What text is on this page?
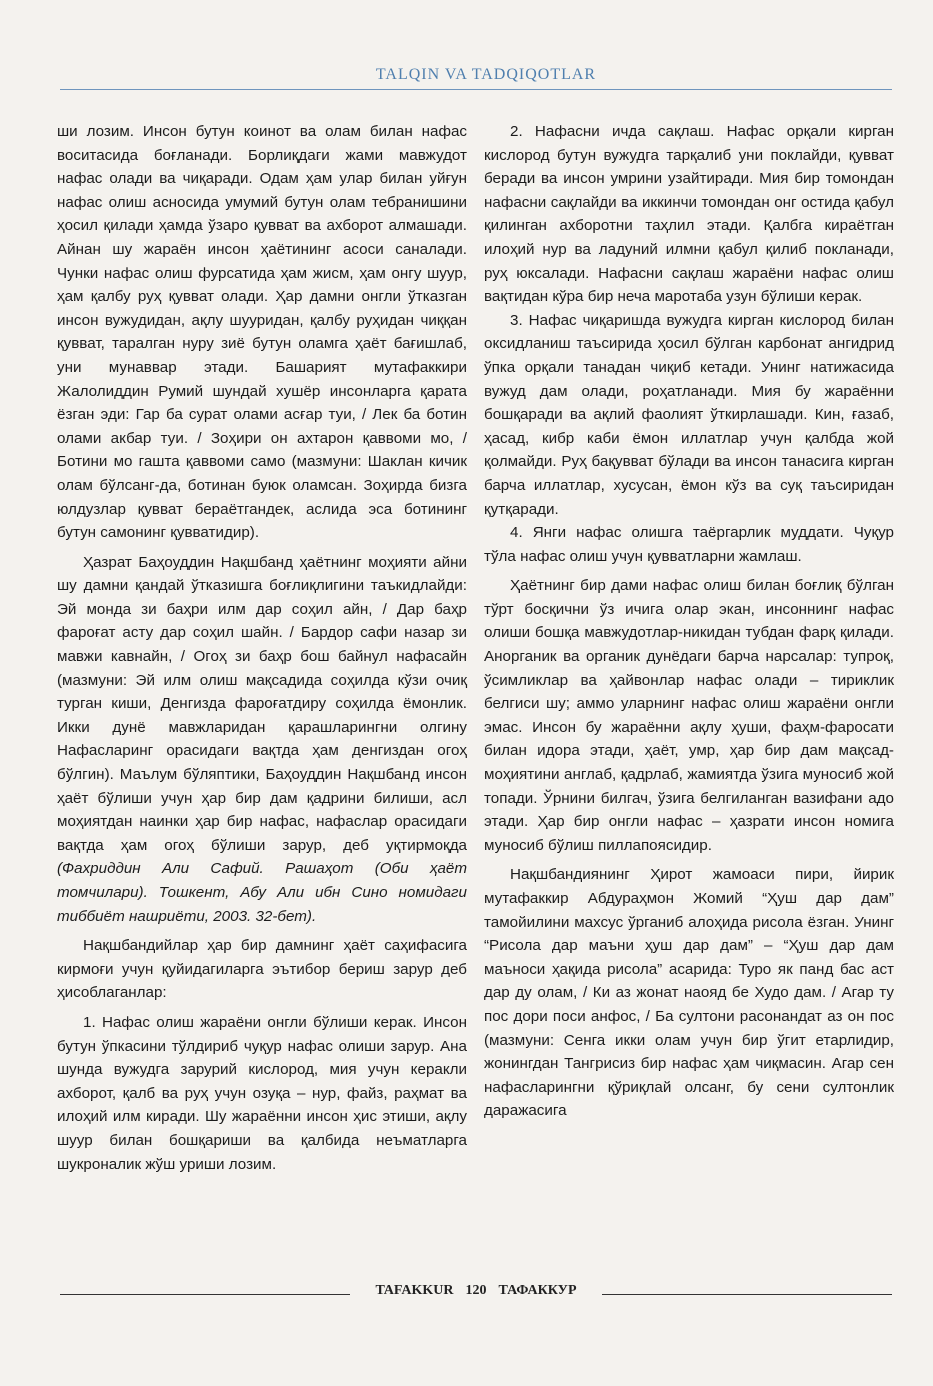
TALQIN VA TADQIQOTLAR

ши лозим. Инсон бутун коинот ва олам билан нафас воситасида боғланади. Борлиқдаги жами мавжудот нафас олади ва чиқаради. Одам ҳам улар билан уйғун нафас олиш асносида умумий бутун олам тебранишини ҳосил қилади ҳамда ўзаро қувват ва ахборот алмашади. Айнан шу жараён инсон ҳаётининг асоси саналади. Чунки нафас олиш фурсатида ҳам жисм, ҳам онгу шуур, ҳам қалбу руҳ қувват олади. Ҳар дамни онгли ўтказган инсон вужудидан, ақлу шууридан, қалбу руҳидан чиққан қувват, таралган нуру зиё бутун оламга ҳаёт бағишлаб, уни мунаввар этади. Башарият мутафаккири Жалолиддин Румий шундай хушёр инсонларга қарата ёзган эди: Гар ба сурат олами асғар туи, / Лек ба ботин олами акбар туи. / Зоҳири он ахтарон қаввоми мо, / Ботини мо гашта қаввоми само (мазмуни: Шаклан кичик олам бўлсанг-да, ботинан буюк оламсан. Зоҳирда бизга юлдузлар қувват бераётгандек, аслида эса ботининг бутун самонинг қувватидир).

Ҳазрат Баҳоуддин Нақшбанд ҳаётнинг моҳияти айни шу дамни қандай ўтказишга боғлиқлигини таъкидлайди: Эй монда зи баҳри илм дар соҳил айн, / Дар баҳр фароғат асту дар соҳил шайн. / Бардор сафи назар зи мавжи кавнайн, / Огоҳ зи баҳр бош байнул нафасайн (мазмуни: Эй илм олиш мақсадида соҳилда кўзи очиқ турган киши, Денгизда фароғатдиру соҳилда ёмонлик. Икки дунё мавжларидан қарашларингни олгину Нафасларинг орасидаги вақтда ҳам денгиздан огоҳ бўлгин). Маълум бўляптики, Баҳоуддин Нақшбанд инсон ҳаёт бўлиши учун ҳар бир дам қадрини билиши, асл моҳиятдан наинки ҳар бир нафас, нафаслар орасидаги вақтда ҳам огоҳ бўлиши зарур, деб уқтирмоқда (Фахриддин Али Сафий. Рашаҳот (Оби ҳаёт томчилари). Тошкент, Абу Али ибн Сино номидаги тиббиёт нашриёти, 2003. 32-бет).

Нақшбандийлар ҳар бир дамнинг ҳаёт саҳифасига кирмоғи учун қуйидагиларга эътибор бериш зарур деб ҳисоблаганлар:

1. Нафас олиш жараёни онгли бўлиши керак. Инсон бутун ўпкасини тўлдириб чуқур нафас олиши зарур. Ана шунда вужудга зарурий кислород, мия учун керакли ахборот, қалб ва руҳ учун озуқа – нур, файз, раҳмат ва илоҳий илм киради. Шу жараённи инсон ҳис этиши, ақлу шуур билан бошқариши ва қалбида неъматларга шукроналик жўш уриши лозим.

2. Нафасни ичда сақлаш. Нафас орқали кирган кислород бутун вужудга тарқалиб уни поклайди, қувват беради ва инсон умрини узайтиради. Мия бир томондан нафасни сақлайди ва иккинчи томондан онг остида қабул қилинган ахборотни таҳлил этади. Қалбга кираётган илоҳий нур ва ладуний илмни қабул қилиб покланади, руҳ юксалади. Нафасни сақлаш жараёни нафас олиш вақтидан кўра бир неча маротаба узун бўлиши керак.

3. Нафас чиқаришда вужудга кирган кислород билан оксидланиш таъсирида ҳосил бўлган карбонат ангидрид ўпка орқали танадан чиқиб кетади. Унинг натижасида вужуд дам олади, роҳатланади. Мия бу жараённи бошқаради ва ақлий фаолият ўткирлашади. Кин, ғазаб, ҳасад, кибр каби ёмон иллатлар учун қалбда жой қолмайди. Руҳ бақувват бўлади ва инсон танасига кирган барча иллатлар, хусусан, ёмон кўз ва суқ таъсиридан қутқаради.

4. Янги нафас олишга таёргарлик муддати. Чуқур тўла нафас олиш учун қувватларни жамлаш.

Ҳаётнинг бир дами нафас олиш билан боғлиқ бўлган тўрт босқични ўз ичига олар экан, инсоннинг нафас олиши бошқа мавжудотлар-никидан тубдан фарқ қилади. Анорганик ва органик дунёдаги барча нарсалар: тупроқ, ўсимликлар ва ҳайвонлар нафас олади – тириклик белгиси шу; аммо уларнинг нафас олиш жараёни онгли эмас. Инсон бу жараённи ақлу ҳуши, фаҳм-фаросати билан идора этади, ҳаёт, умр, ҳар бир дам мақсад-моҳиятини англаб, қадрлаб, жамиятда ўзига муносиб жой топади. Ўрнини билгач, ўзига белгиланган вазифани адо этади. Ҳар бир онгли нафас – ҳазрати инсон номига муносиб бўлиш пиллапоясидир.

Нақшбандиянинг Ҳирот жамоаси пири, йирик мутафаккир Абдураҳмон Жомий “Ҳуш дар дам” тамойилини махсус ўрганиб алоҳида рисола ёзган. Унинг “Рисола дар маъни ҳуш дар дам” – “Ҳуш дар дам маъноси ҳақида рисола” асарида: Туро як панд бас аст дар ду олам, / Ки аз жонат наояд бе Худо дам. / Агар ту пос дори поси анфос, / Ба султони расонандат аз он пос (мазмуни: Сенга икки олам учун бир ўгит етарлидир, жонингдан Тангрисиз бир нафас ҳам чиқмасин. Агар сен нафасларингни қўриқлай олсанг, бу сени султонлик даражасига

TAFAKKUR 120 ТАФАККУР
